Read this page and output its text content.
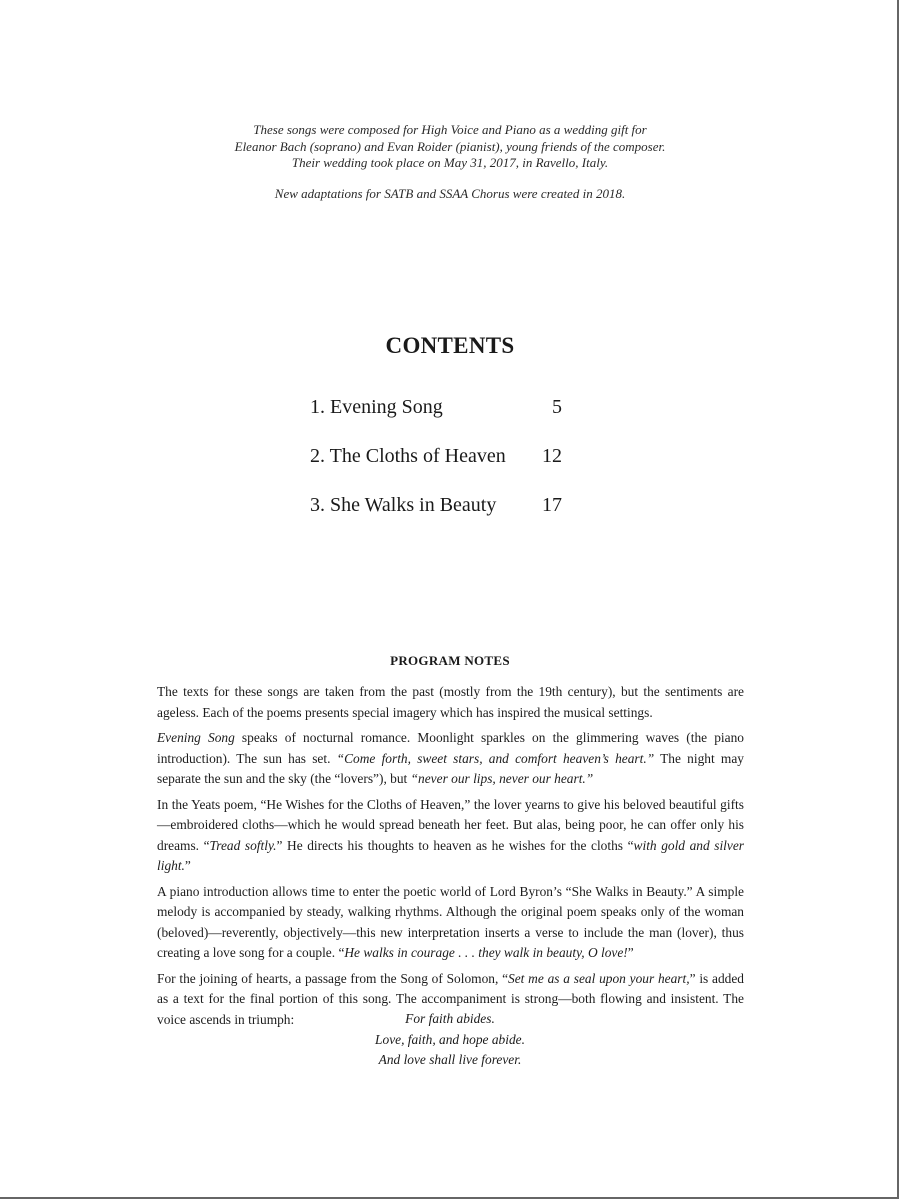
These songs were composed for High Voice and Piano as a wedding gift for

Eleanor Bach (soprano) and Evan Roider (pianist), young friends of the composer.

Their wedding took place on May 31, 2017, in Ravello, Italy.

New adaptations for SATB and SSAA Chorus were created in 2018.

CONTENTS
1. Evening Song	5
2. The Cloths of Heaven 12
3. She Walks in Beauty 17
PROGRAM NOTES

The texts for these songs are taken from the past (mostly from the 19th century), but the sentiments are ageless. Each of the poems presents special imagery which has inspired the musical settings.

Evening Song speaks of nocturnal romance. Moonlight sparkles on the glimmering waves (the piano introduction). The sun has set. “Come forth, sweet stars, and comfort heaven’s heart.” The night may separate the sun and the sky (the “lovers”), but “never our lips, never our heart.”

In the Yeats poem, “He Wishes for the Cloths of Heaven,” the lover yearns to give his beloved beautiful gifts—embroidered cloths—which he would spread beneath her feet. But alas, being poor, he can offer only his dreams. “Tread softly.” He directs his thoughts to heaven as he wishes for the cloths “with gold and silver light.”

A piano introduction allows time to enter the poetic world of Lord Byron’s “She Walks in Beauty.” A simple melody is accompanied by steady, walking rhythms. Although the original poem speaks only of the woman (beloved)—reverently, objectively—this new interpretation inserts a verse to include the man (lover), thus creating a love song for a couple. “He walks in courage . . . they walk in beauty, O love!”

For the joining of hearts, a passage from the Song of Solomon, “Set me as a seal upon your heart,” is added as a text for the final portion of this song. The accompaniment is strong—both flowing and insistent. The voice ascends in triumph:	For faith abides.
Love, faith, and hope abide.
And love shall live forever.
